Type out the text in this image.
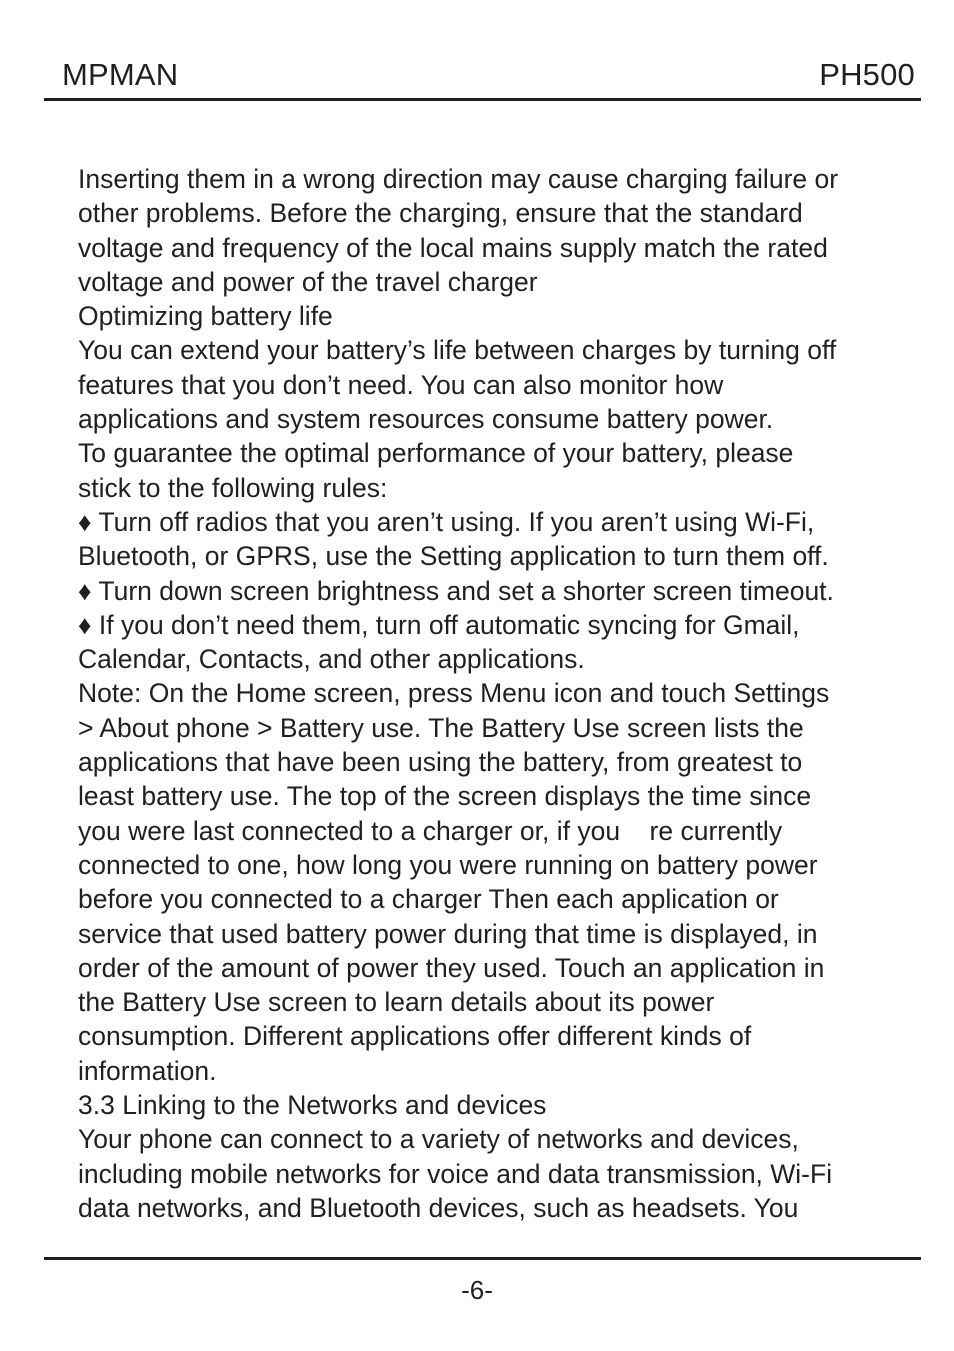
MPMAN	PH500
Inserting them in a wrong direction may cause charging failure or
other problems. Before the charging, ensure that the standard
voltage and frequency of the local mains supply match the rated
voltage and power of the travel charger
Optimizing battery life
You can extend your battery’s life between charges by turning off
features that you don’t need. You can also monitor how
applications and system resources consume battery power.
To guarantee the optimal performance of your battery, please
stick to the following rules:
♦ Turn off radios that you aren’t using. If you aren’t using Wi-Fi,
Bluetooth, or GPRS, use the Setting application to turn them off.
♦ Turn down screen brightness and set a shorter screen timeout.
♦ If you don’t need them, turn off automatic syncing for Gmail,
Calendar, Contacts, and other applications.
Note: On the Home screen, press Menu icon and touch Settings
> About phone > Battery use. The Battery Use screen lists the
applications that have been using the battery, from greatest to
least battery use. The top of the screen displays the time since
you were last connected to a charger or, if you    re currently
connected to one, how long you were running on battery power
before you connected to a charger Then each application or
service that used battery power during that time is displayed, in
order of the amount of power they used. Touch an application in
the Battery Use screen to learn details about its power
consumption. Different applications offer different kinds of
information.
3.3 Linking to the Networks and devices
Your phone can connect to a variety of networks and devices,
including mobile networks for voice and data transmission, Wi-Fi
data networks, and Bluetooth devices, such as headsets. You
-6-
